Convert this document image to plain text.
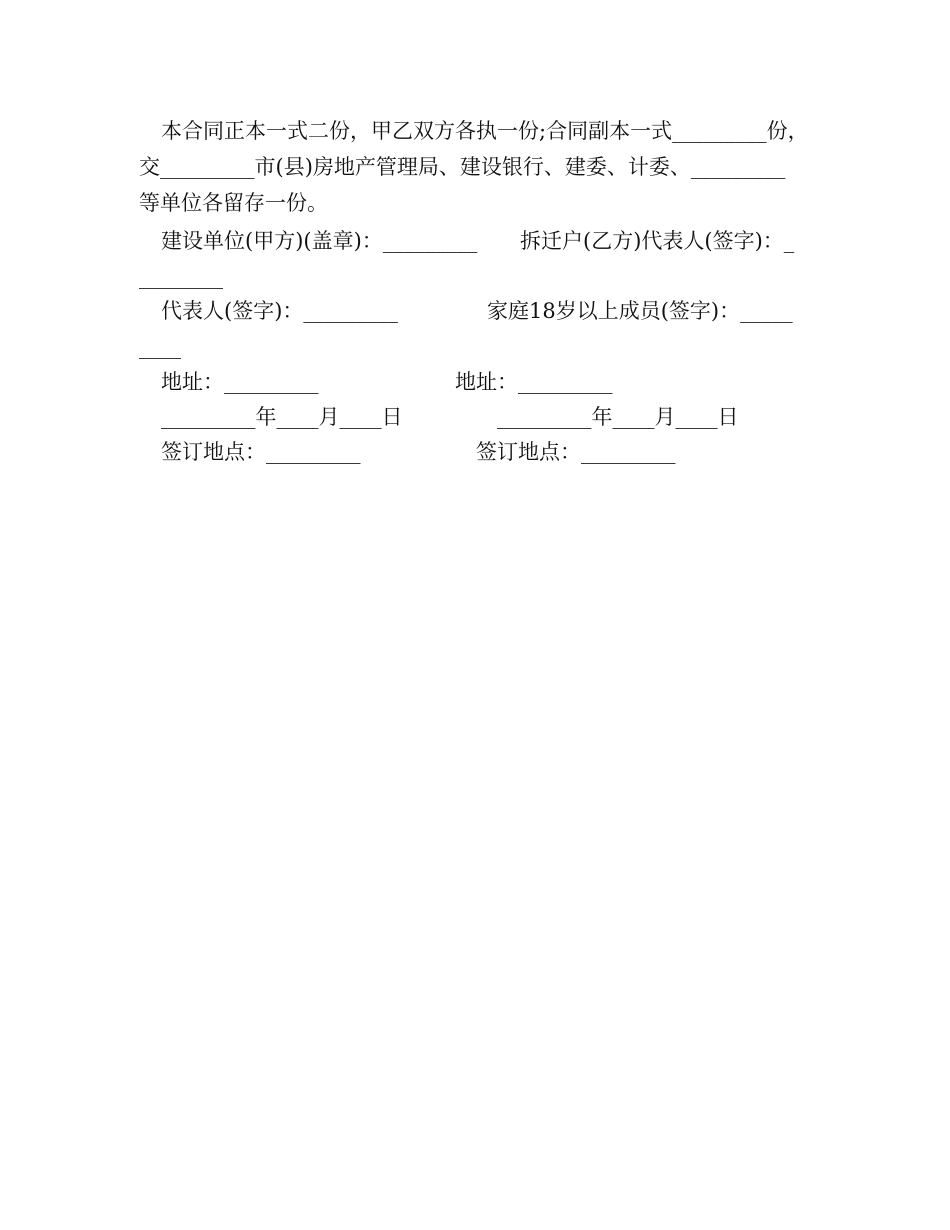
本合同正本一式二份，甲乙双方各执一份;合同副本一式_________份，
交_________市(县)房地产管理局、建设银行、建委、计委、_________
等单位各留存一份。
建设单位(甲方)(盖章)：_________ 拆迁户(乙方)代表人(签字)：_
________
代表人(签字)：_________	家庭18岁以上成员(签字)：_____
____
地址：_________	地址：_________
_________年____月____日	_________年____月____日
签订地点：_________	签订地点：_________
